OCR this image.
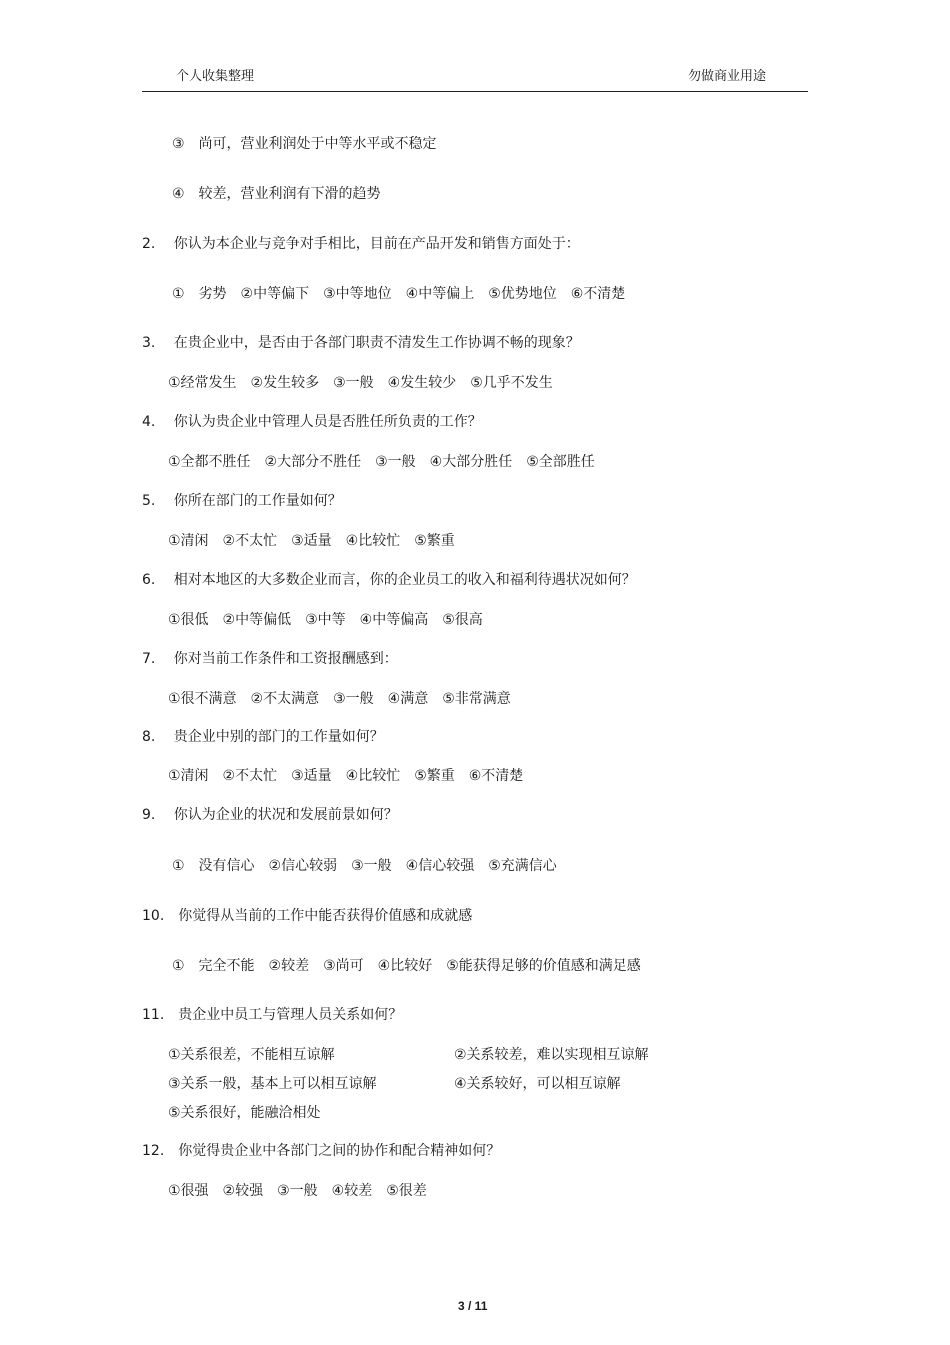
个人收集整理	勿做商业用途
③　尚可，营业利润处于中等水平或不稳定
④　较差，营业利润有下滑的趋势
2.　 你认为本企业与竞争对手相比，目前在产品开发和销售方面处于：
①　劣势　②中等偏下　③中等地位　④中等偏上　⑤优势地位　⑥不清楚
3.　 在贵企业中，是否由于各部门职责不清发生工作协调不畅的现象？
①经常发生　②发生较多　③一般　④发生较少　⑤几乎不发生
4.　 你认为贵企业中管理人员是否胜任所负责的工作？
①全都不胜任　②大部分不胜任　③一般　④大部分胜任　⑤全部胜任
5.　 你所在部门的工作量如何？
①清闲　②不太忙　③适量　④比较忙　⑤繁重
6.　 相对本地区的大多数企业而言，你的企业员工的收入和福利待遇状况如何？
①很低　②中等偏低　③中等　④中等偏高　⑤很高
7.　 你对当前工作条件和工资报酬感到：
①很不满意　②不太满意　③一般　④满意　⑤非常满意
8.　 贵企业中别的部门的工作量如何？
①清闲　②不太忙　③适量　④比较忙　⑤繁重　⑥不清楚
9.　 你认为企业的状况和发展前景如何？
①　没有信心　②信心较弱　③一般　④信心较强　⑤充满信心
10.　你觉得从当前的工作中能否获得价值感和成就感
①　完全不能　②较差　③尚可　④比较好　⑤能获得足够的价值感和满足感
11.　贵企业中员工与管理人员关系如何？
①关系很差，不能相互谅解	②关系较差，难以实现相互谅解
③关系一般，基本上可以相互谅解	④关系较好，可以相互谅解
⑤关系很好，能融洽相处
12.　你觉得贵企业中各部门之间的协作和配合精神如何？
①很强　②较强　③一般　④较差　⑤很差
3 / 11
